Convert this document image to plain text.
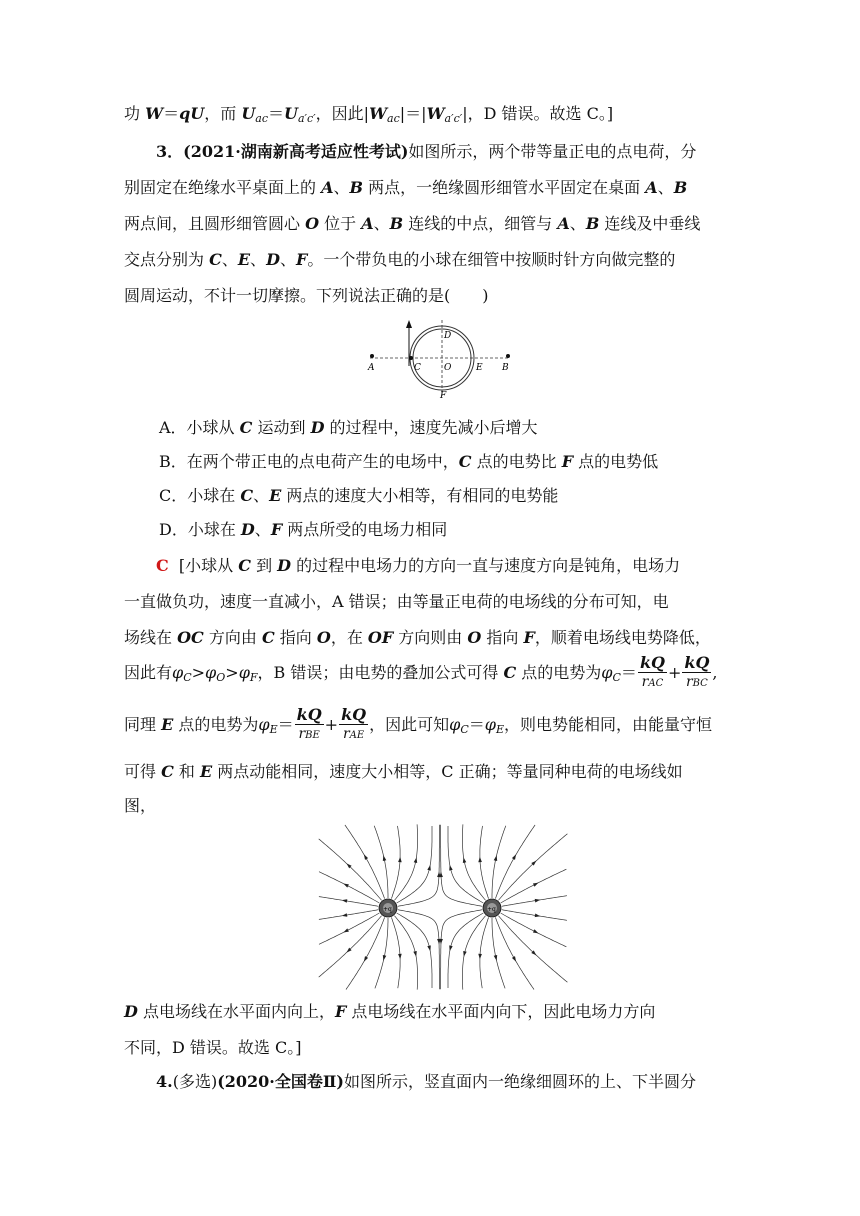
功 W＝qU，而 $U_{ac}=U_{a'c'}$，因此$|W_{ac}|=|W_{a'c'}|$，D 错误。故选 C。]
3．(2021·湖南新高考适应性考试)如图所示，两个带等量正电的点电荷，分
别固定在绝缘水平桌面上的 A、B 两点，一绝缘圆形细管水平固定在桌面 A、B
两点间，且圆形细管圆心 O 位于 A、B 连线的中点，细管与 A、B 连线及中垂线
交点分别为 C、E、D、F。一个带负电的小球在细管中按顺时针方向做完整的
圆周运动，不计一切摩擦。下列说法正确的是(　　)
A	B
C
D
E
F
O
A．小球从 C 运动到 D 的过程中，速度先减小后增大
B．在两个带正电的点电荷产生的电场中，C 点的电势比 F 点的电势低
C．小球在 C、E 两点的速度大小相等，有相同的电势能
D．小球在 D、F 两点所受的电场力相同
C [小球从 C 到 D 的过程中电场力的方向一直与速度方向是钝角，电场力
一直做负功，速度一直减小，A 错误；由等量正电荷的电场线的分布可知，电
场线在 OC 方向由 C 指向 O，在 OF 方向则由 O 指向 F，顺着电场线电势降低，
因此有$\varphi_C>\varphi_O>\varphi_F$，B 错误；由电势的叠加公式可得 C 点的电势为$\varphi_C= \frac{kQ}{\text{rAC}} + \frac{kQ}{\text{rBC}}$ ,
同理 E 点的电势为$\varphi_E= \frac{kQ}{\text{rBE}} + \frac{kQ}{\text{rAE}}$ ，因此可知$\varphi_C=\varphi_E$，则电势能相同，由能量守恒
可得 C 和 E 两点动能相同，速度大小相等，C 正确；等量同种电荷的电场线如
图，
+q	+q
D 点电场线在水平面内向上，F 点电场线在水平面内向下，因此电场力方向
不同，D 错误。故选 C。]
4.(多选)(2020·全国卷Ⅱ)如图所示，竖直面内一绝缘细圆环的上、下半圆分
